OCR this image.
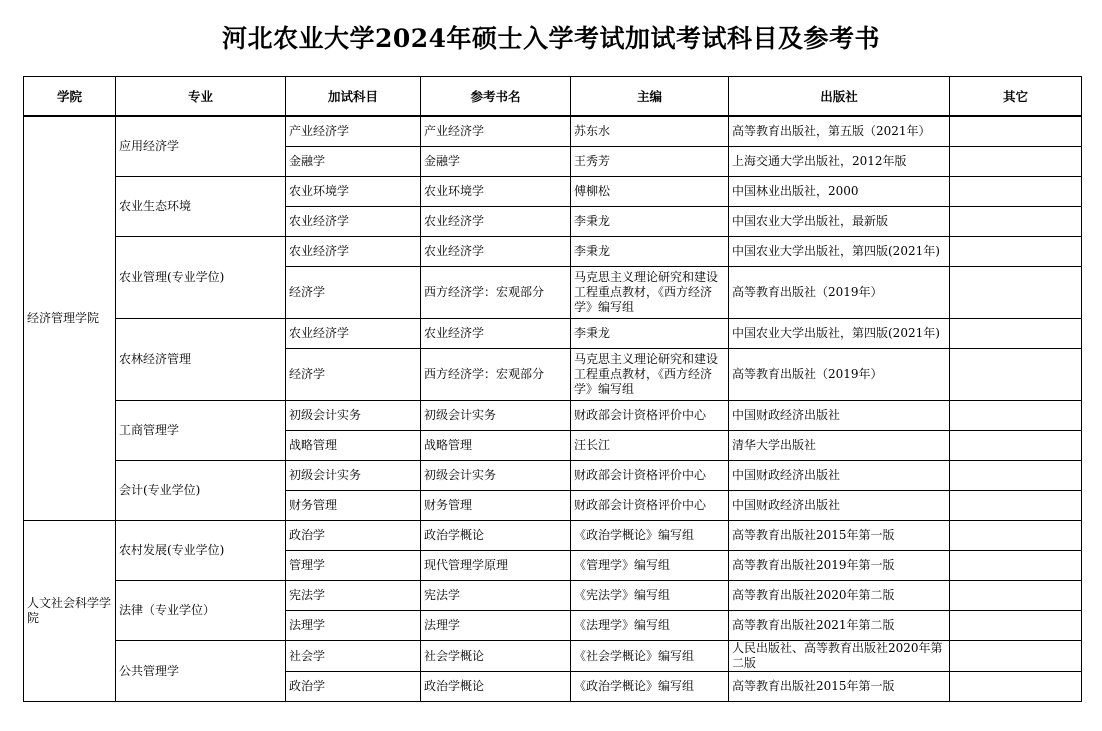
河北农业大学2024年硕士入学考试加试考试科目及参考书
学院	专业	加试科目	参考书名	主编	出版社	其它
经济管理学院	应用经济学	产业经济学	产业经济学	苏东水	高等教育出版社，第五版（2021年）	
		金融学	金融学	王秀芳	上海交通大学出版社，2012年版	
	农业生态环境	农业环境学	农业环境学	傅柳松	中国林业出版社，2000	
		农业经济学	农业经济学	李秉龙	中国农业大学出版社，最新版	
	农业管理(专业学位)	农业经济学	农业经济学	李秉龙	中国农业大学出版社，第四版(2021年)	
		经济学	西方经济学：宏观部分	马克思主义理论研究和建设工程重点教材，《西方经济学》编写组	高等教育出版社（2019年）	
	农林经济管理	农业经济学	农业经济学	李秉龙	中国农业大学出版社，第四版(2021年)	
		经济学	西方经济学：宏观部分	马克思主义理论研究和建设工程重点教材，《西方经济学》编写组	高等教育出版社（2019年）	
	工商管理学	初级会计实务	初级会计实务	财政部会计资格评价中心	中国财政经济出版社	
		战略管理	战略管理	汪长江	清华大学出版社	
	会计(专业学位)	初级会计实务	初级会计实务	财政部会计资格评价中心	中国财政经济出版社	
		财务管理	财务管理	财政部会计资格评价中心	中国财政经济出版社	
人文社会科学学院	农村发展(专业学位)	政治学	政治学概论	《政治学概论》编写组	高等教育出版社2015年第一版	
		管理学	现代管理学原理	《管理学》编写组	高等教育出版社2019年第一版	
	法律（专业学位）	宪法学	宪法学	《宪法学》编写组	高等教育出版社2020年第二版	
		法理学	法理学	《法理学》编写组	高等教育出版社2021年第二版	
	公共管理学	社会学	社会学概论	《社会学概论》编写组	人民出版社、高等教育出版社2020年第二版	
		政治学	政治学概论	《政治学概论》编写组	高等教育出版社2015年第一版	
